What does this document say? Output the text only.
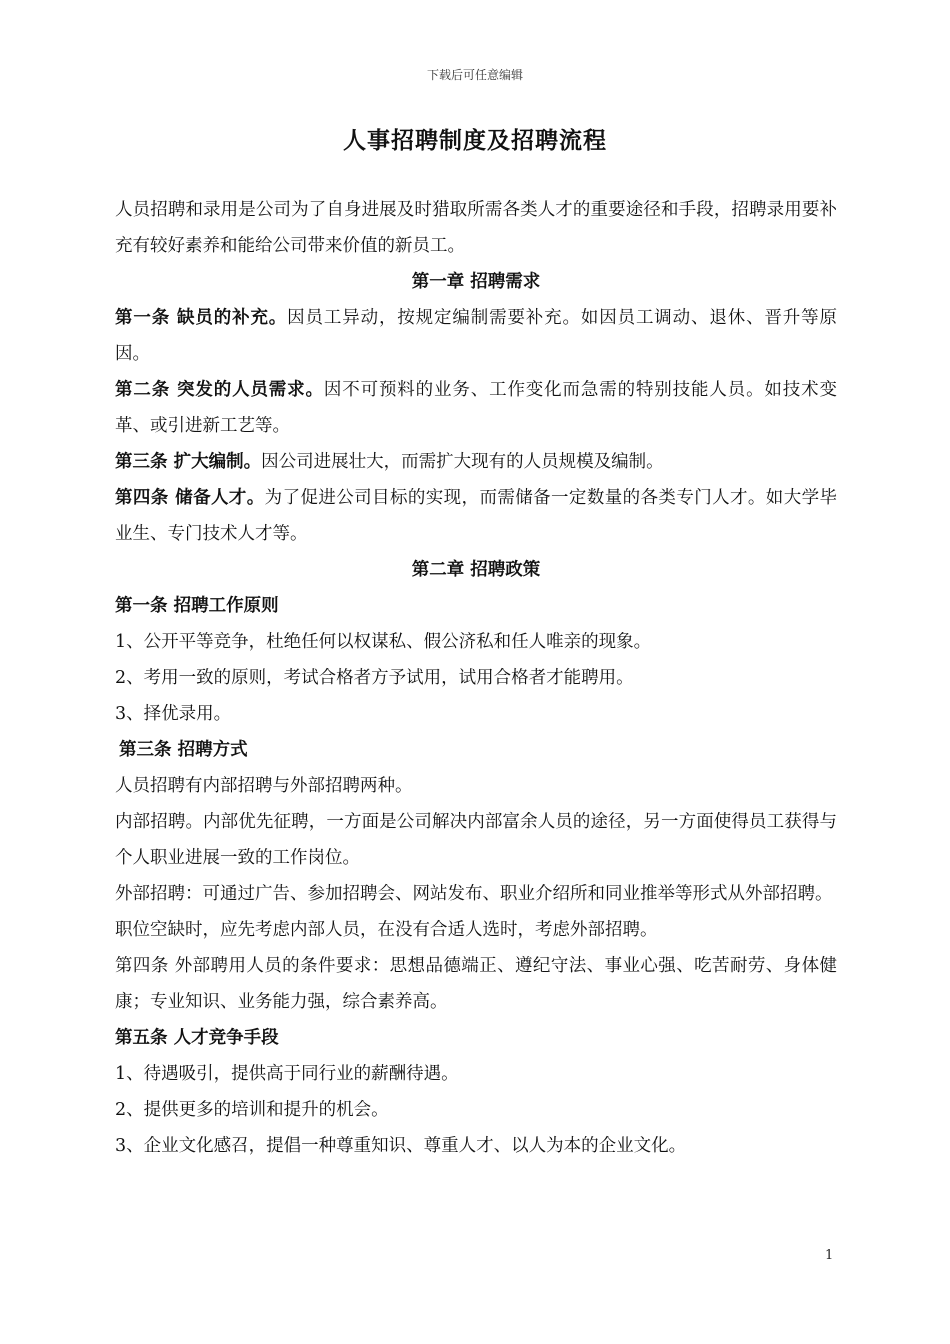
下载后可任意编辑
人事招聘制度及招聘流程

人员招聘和录用是公司为了自身进展及时猎取所需各类人才的重要途径和手段，招聘录用要补充有较好素养和能给公司带来价值的新员工。

第一章 招聘需求

第一条 缺员的补充。因员工异动，按规定编制需要补充。如因员工调动、退休、晋升等原因。

第二条 突发的人员需求。因不可预料的业务、工作变化而急需的特别技能人员。如技术变革、或引进新工艺等。

第三条 扩大编制。因公司进展壮大，而需扩大现有的人员规模及编制。

第四条 储备人才。为了促进公司目标的实现，而需储备一定数量的各类专门人才。如大学毕业生、专门技术人才等。

第二章 招聘政策

第一条 招聘工作原则

1、公开平等竞争，杜绝任何以权谋私、假公济私和任人唯亲的现象。

2、考用一致的原则，考试合格者方予试用，试用合格者才能聘用。

3、择优录用。

第三条 招聘方式

人员招聘有内部招聘与外部招聘两种。

内部招聘。内部优先征聘，一方面是公司解决内部富余人员的途径，另一方面使得员工获得与个人职业进展一致的工作岗位。

外部招聘：可通过广告、参加招聘会、网站发布、职业介绍所和同业推举等形式从外部招聘。

职位空缺时，应先考虑内部人员，在没有合适人选时，考虑外部招聘。

第四条 外部聘用人员的条件要求：思想品德端正、遵纪守法、事业心强、吃苦耐劳、身体健康；专业知识、业务能力强，综合素养高。

第五条 人才竞争手段

1、待遇吸引，提供高于同行业的薪酬待遇。

2、提供更多的培训和提升的机会。

3、企业文化感召，提倡一种尊重知识、尊重人才、以人为本的企业文化。

1
